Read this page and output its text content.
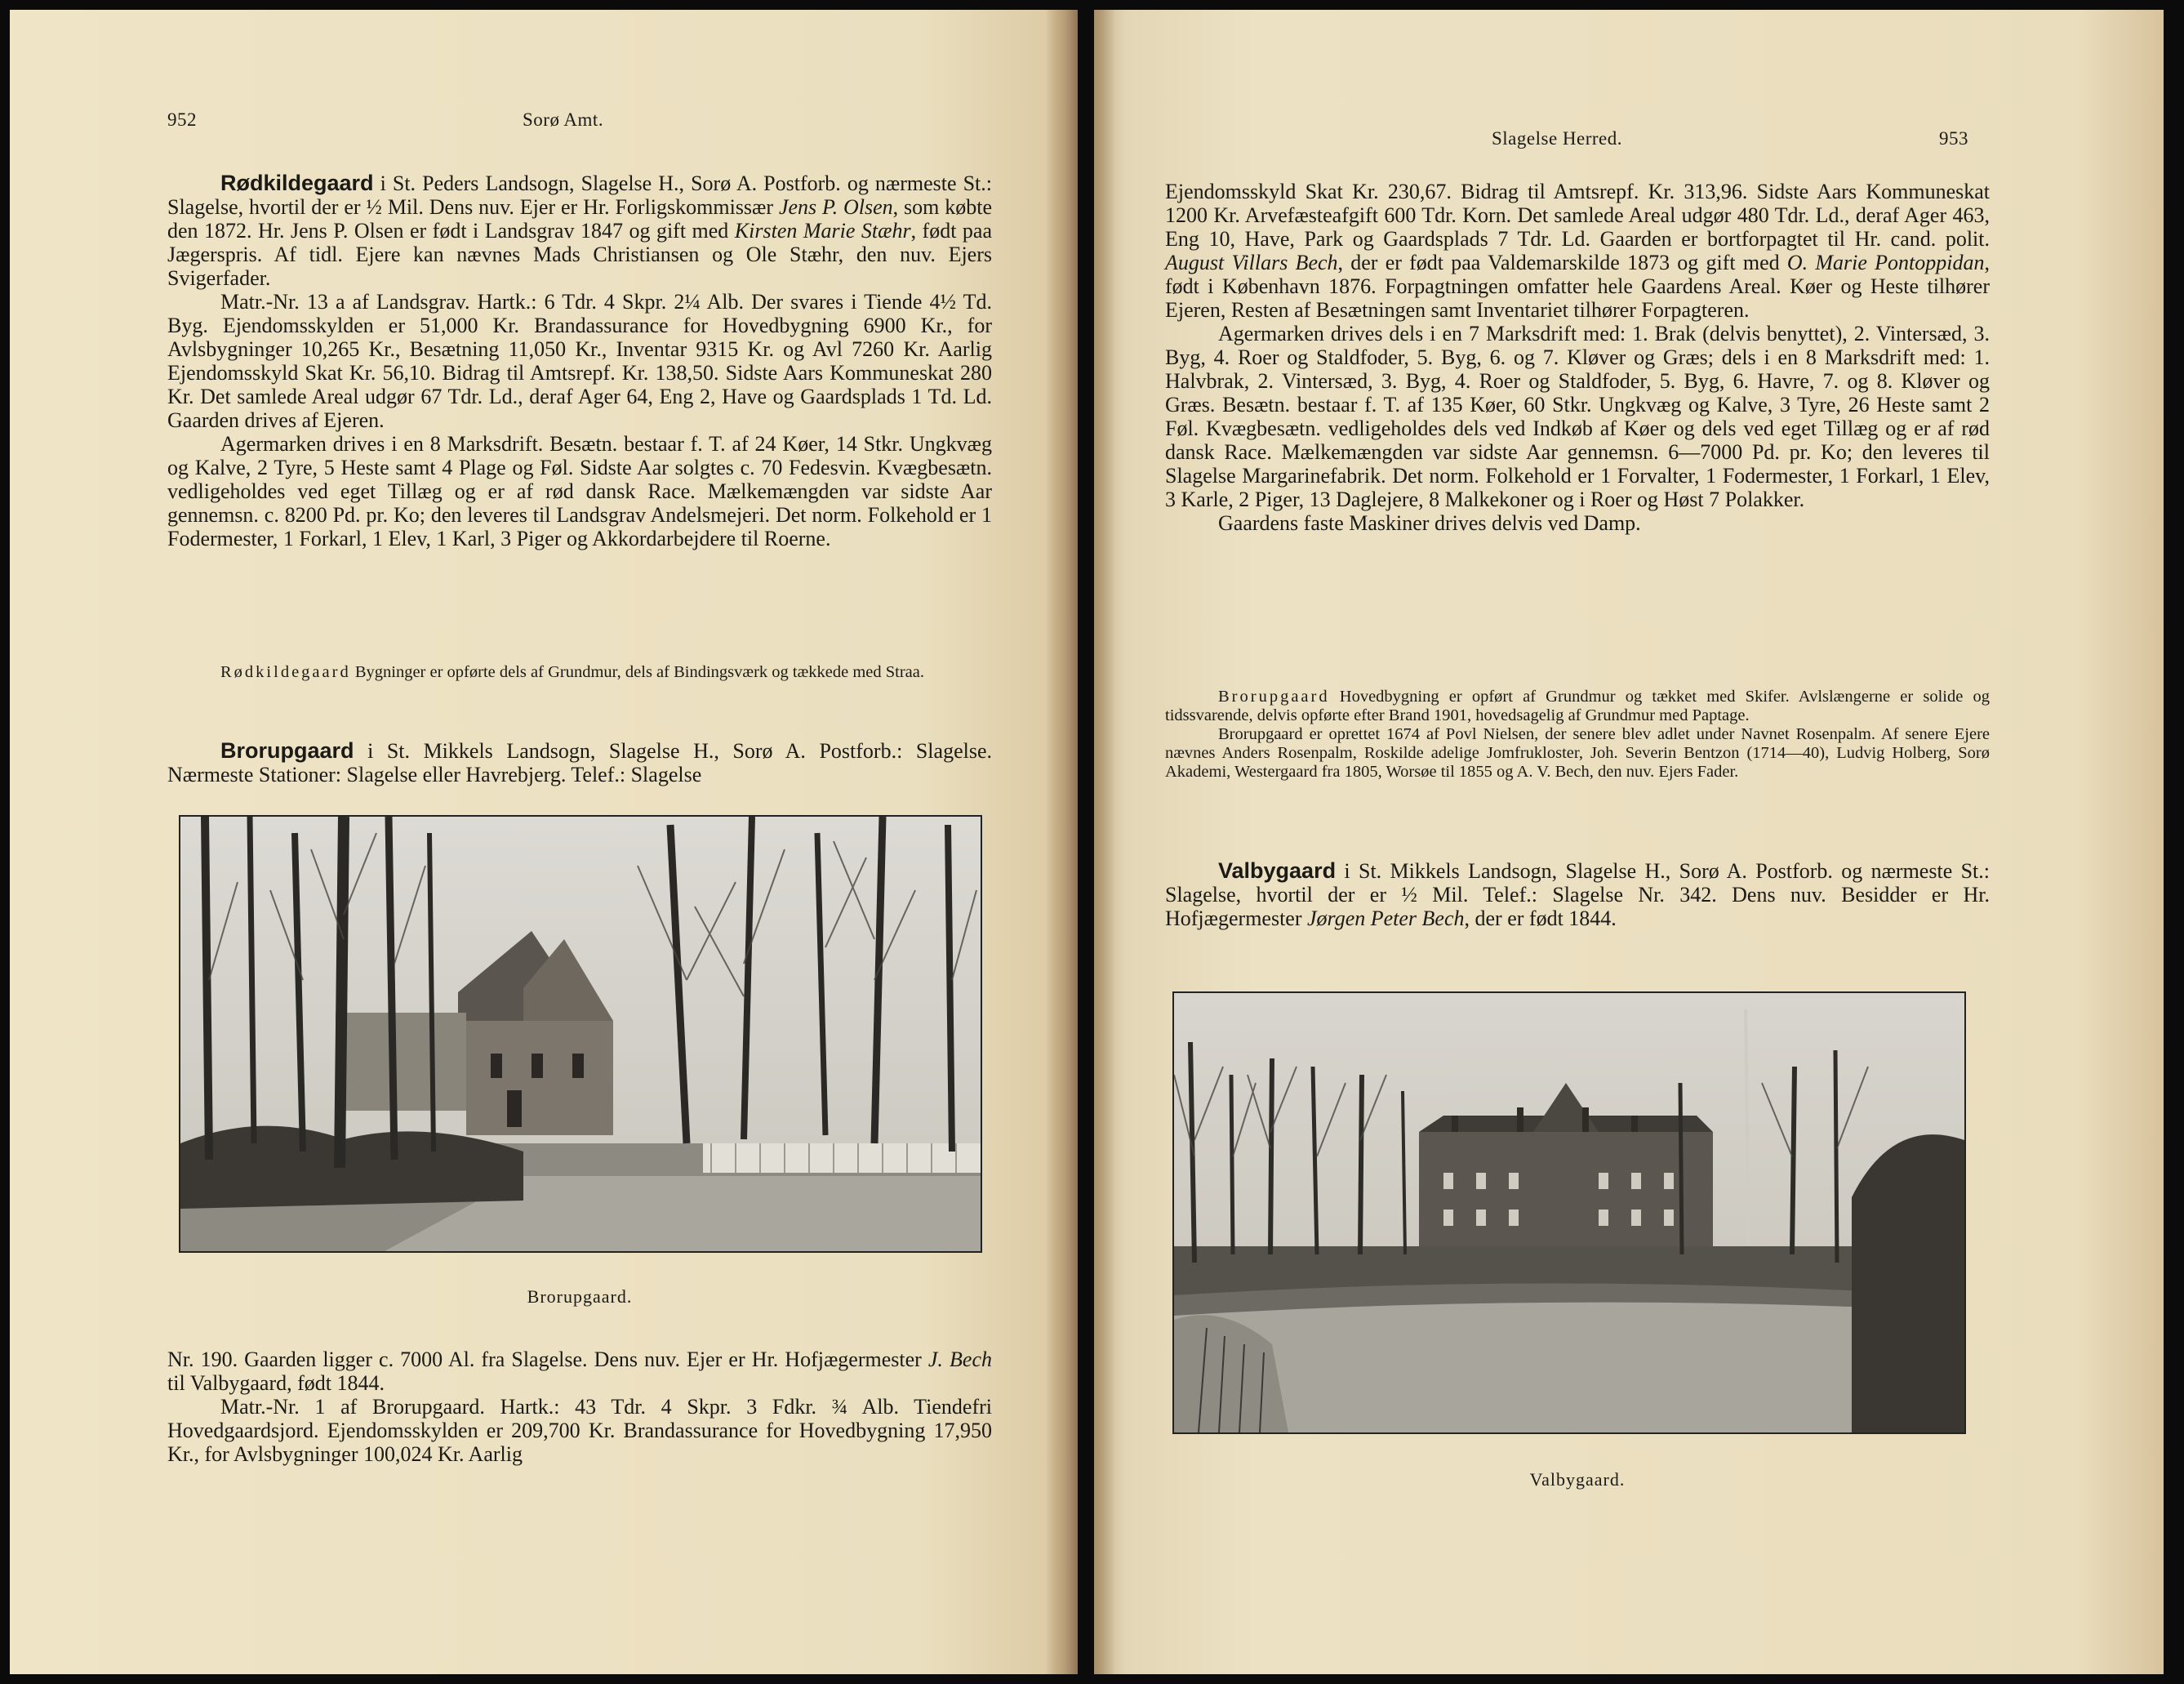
952	Sorø Amt.

Rødkildegaard i St. Peders Landsogn, Slagelse H., Sorø A. Postforb. og nærmeste St.: Slagelse, hvortil der er ½ Mil. Dens nuv. Ejer er Hr. Forligskommissær Jens P. Olsen, som købte den 1872. Hr. Jens P. Olsen er født i Landsgrav 1847 og gift med Kirsten Marie Stæhr, født paa Jægerspris. Af tidl. Ejere kan nævnes Mads Christiansen og Ole Stæhr, den nuv. Ejers Svigerfader.

Matr.-Nr. 13 a af Landsgrav. Hartk.: 6 Tdr. 4 Skpr. 2¼ Alb. Der svares i Tiende 4½ Td. Byg. Ejendomsskylden er 51,000 Kr. Brandassurance for Hovedbygning 6900 Kr., for Avlsbygninger 10,265 Kr., Besætning 11,050 Kr., Inventar 9315 Kr. og Avl 7260 Kr. Aarlig Ejendomsskyld Skat Kr. 56,10. Bidrag til Amtsrepf. Kr. 138,50. Sidste Aars Kommuneskat 280 Kr. Det samlede Areal udgør 67 Tdr. Ld., deraf Ager 64, Eng 2, Have og Gaardsplads 1 Td. Ld. Gaarden drives af Ejeren.

Agermarken drives i en 8 Marksdrift. Besætn. bestaar f. T. af 24 Køer, 14 Stkr. Ungkvæg og Kalve, 2 Tyre, 5 Heste samt 4 Plage og Føl. Sidste Aar solgtes c. 70 Fedesvin. Kvægbesætn. vedligeholdes ved eget Tillæg og er af rød dansk Race. Mælkemængden var sidste Aar gennemsn. c. 8200 Pd. pr. Ko; den leveres til Landsgrav Andelsmejeri. Det norm. Folkehold er 1 Fodermester, 1 Forkarl, 1 Elev, 1 Karl, 3 Piger og Akkordarbejdere til Roerne.

Rødkildegaard Bygninger er opførte dels af Grundmur, dels af Bindingsværk og tækkede med Straa.

Brorupgaard i St. Mikkels Landsogn, Slagelse H., Sorø A. Postforb.: Slagelse. Nærmeste Stationer: Slagelse eller Havrebjerg. Telef.: Slagelse

Brorupgaard.

Nr. 190. Gaarden ligger c. 7000 Al. fra Slagelse. Dens nuv. Ejer er Hr. Hofjægermester J. Bech til Valbygaard, født 1844.

Matr.-Nr. 1 af Brorupgaard. Hartk.: 43 Tdr. 4 Skpr. 3 Fdkr. ¾ Alb. Tiendefri Hovedgaardsjord. Ejendomsskylden er 209,700 Kr. Brandassurance for Hovedbygning 17,950 Kr., for Avlsbygninger 100,024 Kr. Aarlig

Slagelse Herred.	953

Ejendomsskyld Skat Kr. 230,67. Bidrag til Amtsrepf. Kr. 313,96. Sidste Aars Kommuneskat 1200 Kr. Arvefæsteafgift 600 Tdr. Korn. Det samlede Areal udgør 480 Tdr. Ld., deraf Ager 463, Eng 10, Have, Park og Gaardsplads 7 Tdr. Ld. Gaarden er bortforpagtet til Hr. cand. polit. August Villars Bech, der er født paa Valdemarskilde 1873 og gift med O. Marie Pontoppidan, født i København 1876. Forpagtningen omfatter hele Gaardens Areal. Køer og Heste tilhører Ejeren, Resten af Besætningen samt Inventariet tilhører Forpagteren.

Agermarken drives dels i en 7 Marksdrift med: 1. Brak (delvis benyttet), 2. Vintersæd, 3. Byg, 4. Roer og Staldfoder, 5. Byg, 6. og 7. Kløver og Græs; dels i en 8 Marksdrift med: 1. Halvbrak, 2. Vintersæd, 3. Byg, 4. Roer og Staldfoder, 5. Byg, 6. Havre, 7. og 8. Kløver og Græs. Besætn. bestaar f. T. af 135 Køer, 60 Stkr. Ungkvæg og Kalve, 3 Tyre, 26 Heste samt 2 Føl. Kvægbesætn. vedligeholdes dels ved Indkøb af Køer og dels ved eget Tillæg og er af rød dansk Race. Mælkemængden var sidste Aar gennemsn. 6—7000 Pd. pr. Ko; den leveres til Slagelse Margarinefabrik. Det norm. Folkehold er 1 Forvalter, 1 Fodermester, 1 Forkarl, 1 Elev, 3 Karle, 2 Piger, 13 Daglejere, 8 Malkekoner og i Roer og Høst 7 Polakker.

Gaardens faste Maskiner drives delvis ved Damp.

Brorupgaard Hovedbygning er opført af Grundmur og tækket med Skifer. Avlslængerne er solide og tidssvarende, delvis opførte efter Brand 1901, hovedsagelig af Grundmur med Paptage.

Brorupgaard er oprettet 1674 af Povl Nielsen, der senere blev adlet under Navnet Rosenpalm. Af senere Ejere nævnes Anders Rosenpalm, Roskilde adelige Jomfrukloster, Joh. Severin Bentzon (1714—40), Ludvig Holberg, Sorø Akademi, Westergaard fra 1805, Worsøe til 1855 og A. V. Bech, den nuv. Ejers Fader.

Valbygaard i St. Mikkels Landsogn, Slagelse H., Sorø A. Postforb. og nærmeste St.: Slagelse, hvortil der er ½ Mil. Telef.: Slagelse Nr. 342. Dens nuv. Besidder er Hr. Hofjægermester Jørgen Peter Bech, der er født 1844.

Valbygaard.
